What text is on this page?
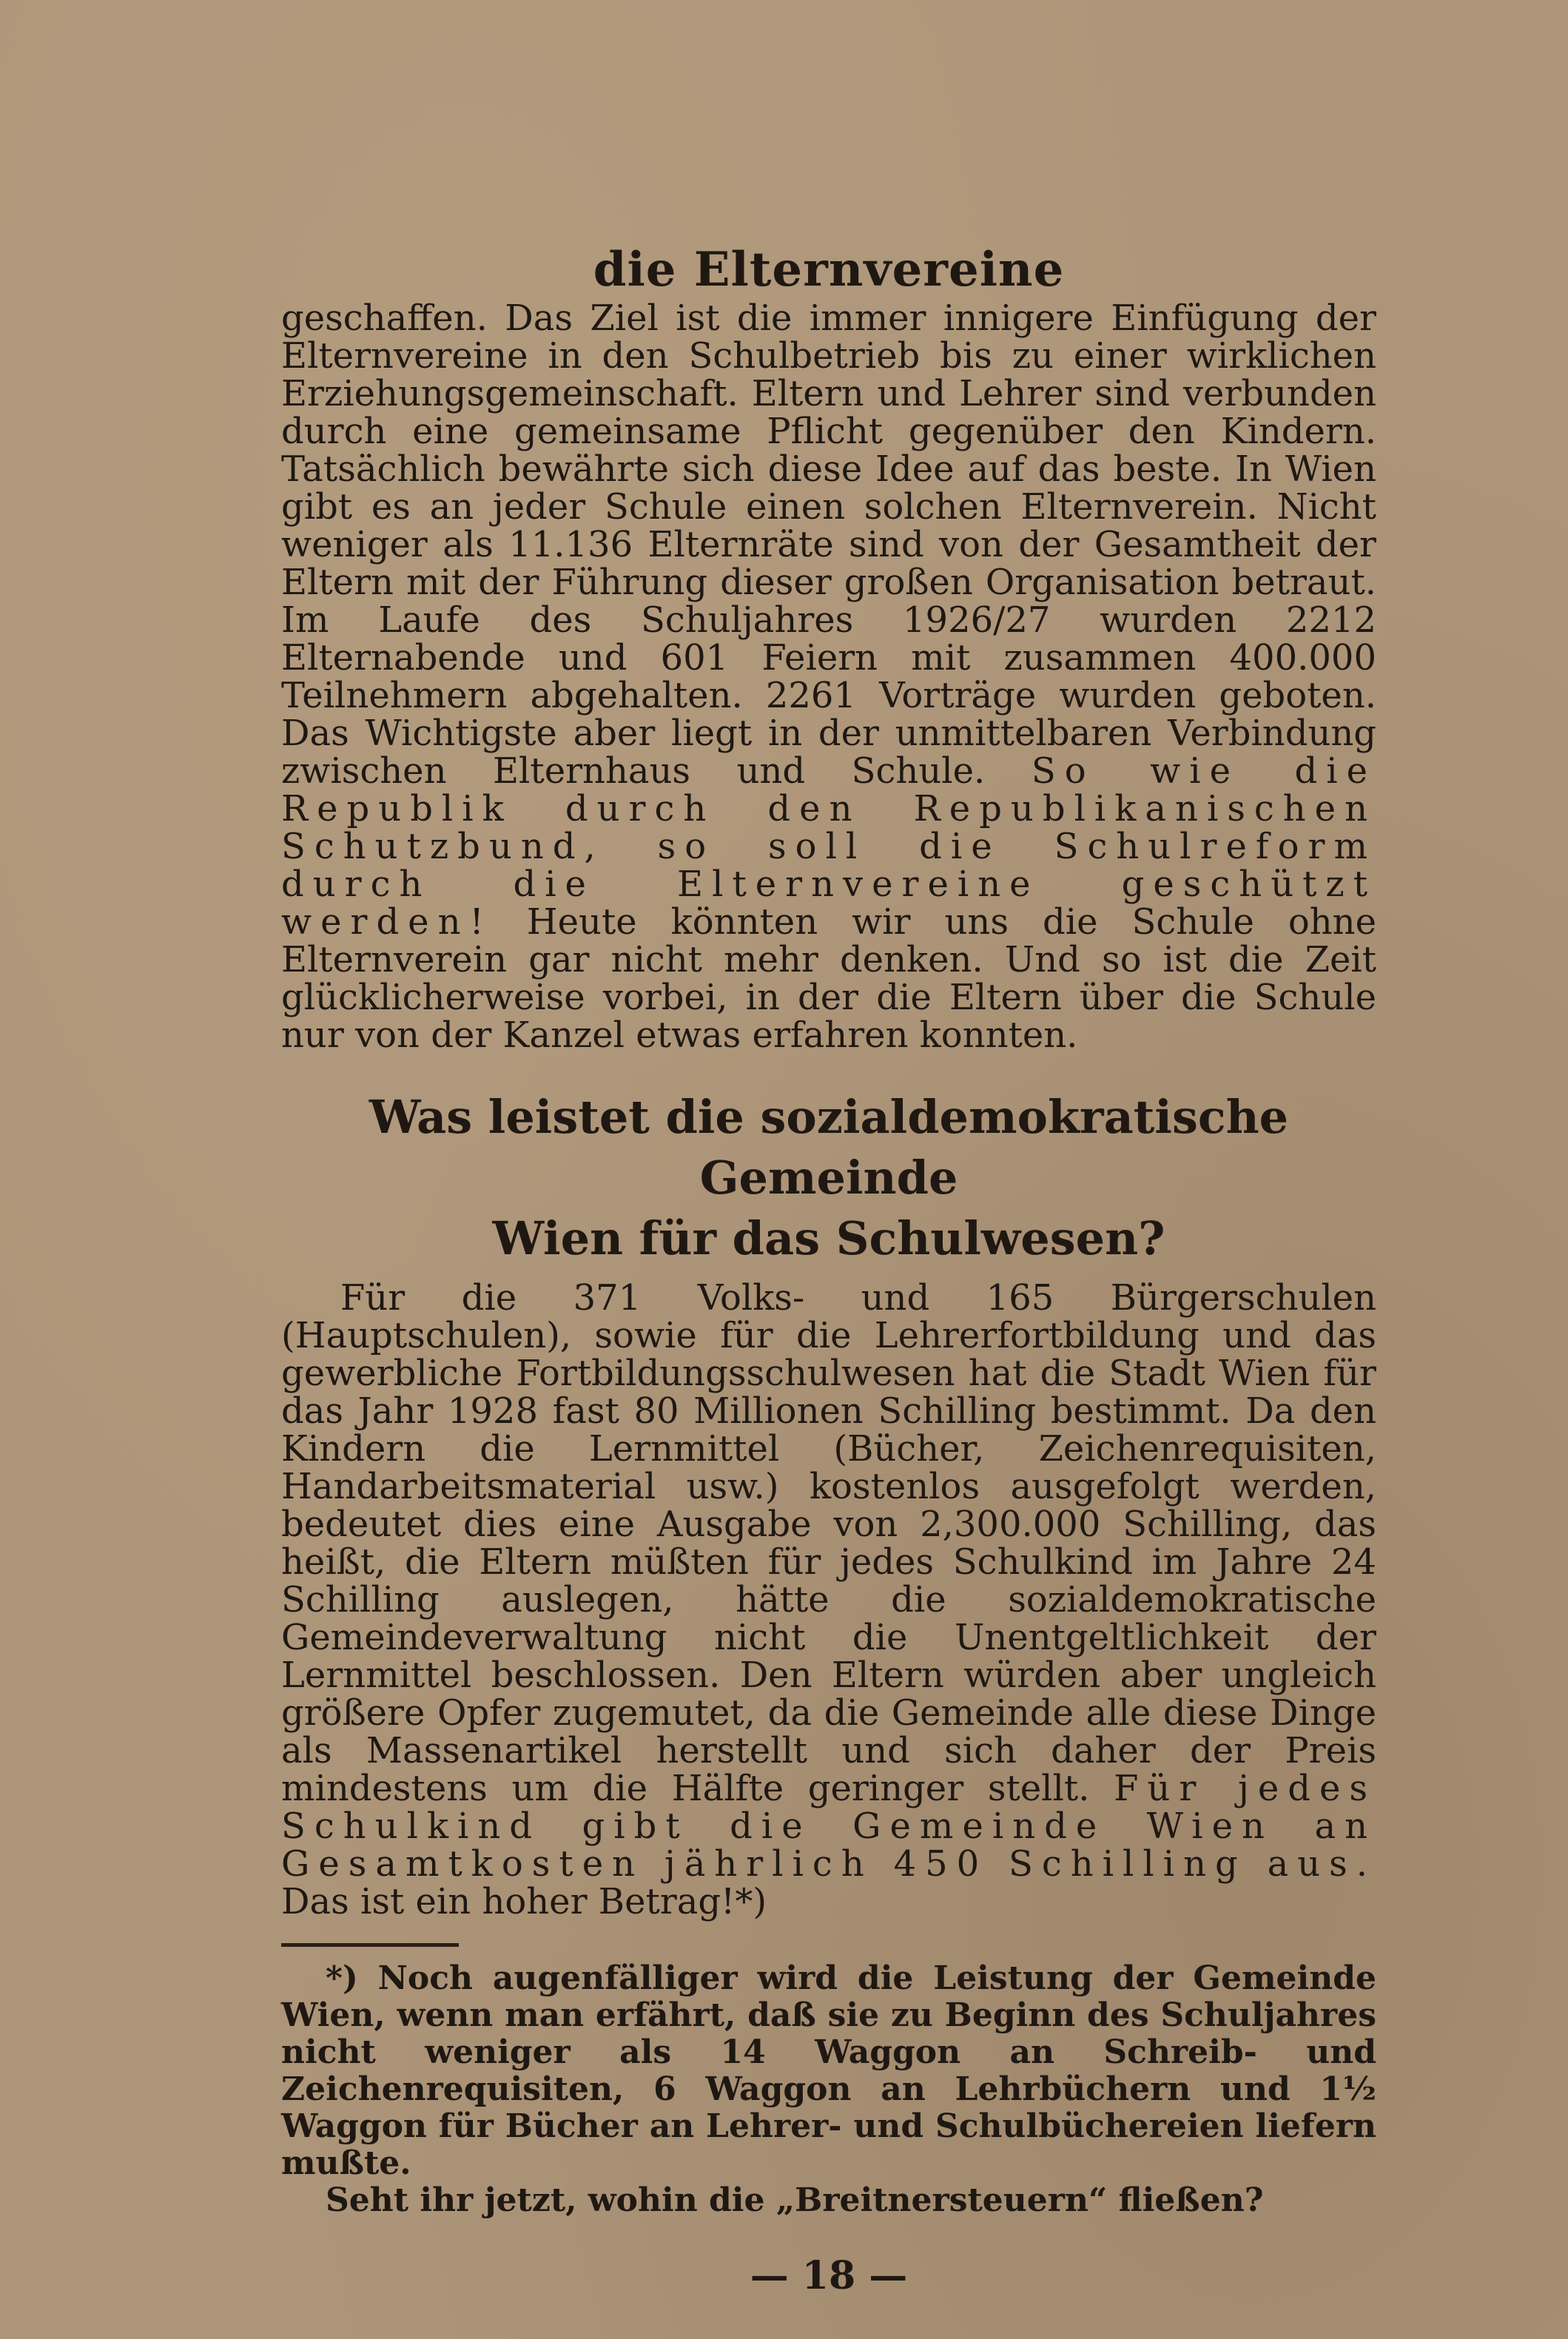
die Elternvereine

geschaffen. Das Ziel ist die immer innigere Einfügung der Elternvereine in den Schulbetrieb bis zu einer wirklichen Erziehungsgemeinschaft. Eltern und Lehrer sind verbunden durch eine gemeinsame Pflicht gegenüber den Kindern. Tatsächlich bewährte sich diese Idee auf das beste. In Wien gibt es an jeder Schule einen solchen Elternverein. Nicht weniger als 11.136 Elternräte sind von der Gesamtheit der Eltern mit der Führung dieser großen Organisation betraut. Im Laufe des Schuljahres 1926/27 wurden 2212 Elternabende und 601 Feiern mit zusammen 400.000 Teilnehmern abgehalten. 2261 Vorträge wurden geboten. Das Wichtigste aber liegt in der unmittelbaren Verbindung zwischen Elternhaus und Schule. So wie die Republik durch den Republikanischen Schutzbund, so soll die Schulreform durch die Elternvereine geschützt werden! Heute könnten wir uns die Schule ohne Elternverein gar nicht mehr denken. Und so ist die Zeit glücklicherweise vorbei, in der die Eltern über die Schule nur von der Kanzel etwas erfahren konnten.

Was leistet die sozialdemokratische Gemeinde
Wien für das Schulwesen?

Für die 371 Volks- und 165 Bürgerschulen (Hauptschulen), sowie für die Lehrerfortbildung und das gewerbliche Fortbildungsschulwesen hat die Stadt Wien für das Jahr 1928 fast 80 Millionen Schilling bestimmt. Da den Kindern die Lernmittel (Bücher, Zeichenrequisiten, Handarbeitsmaterial usw.) kostenlos ausgefolgt werden, bedeutet dies eine Ausgabe von 2,300.000 Schilling, das heißt, die Eltern müßten für jedes Schulkind im Jahre 24 Schilling auslegen, hätte die sozialdemokratische Gemeindeverwaltung nicht die Unentgeltlichkeit der Lernmittel beschlossen. Den Eltern würden aber ungleich größere Opfer zugemutet, da die Gemeinde alle diese Dinge als Massenartikel herstellt und sich daher der Preis mindestens um die Hälfte geringer stellt. Für jedes Schulkind gibt die Gemeinde Wien an Gesamtkosten jährlich 450 Schilling aus. Das ist ein hoher Betrag!*)

*) Noch augenfälliger wird die Leistung der Gemeinde Wien, wenn man erfährt, daß sie zu Beginn des Schuljahres nicht weniger als 14 Waggon an Schreib- und Zeichenrequisiten, 6 Waggon an Lehrbüchern und 1½ Waggon für Bücher an Lehrer- und Schulbüchereien liefern mußte.

Seht ihr jetzt, wohin die „Breitnersteuern“ fließen?

— 18 —
